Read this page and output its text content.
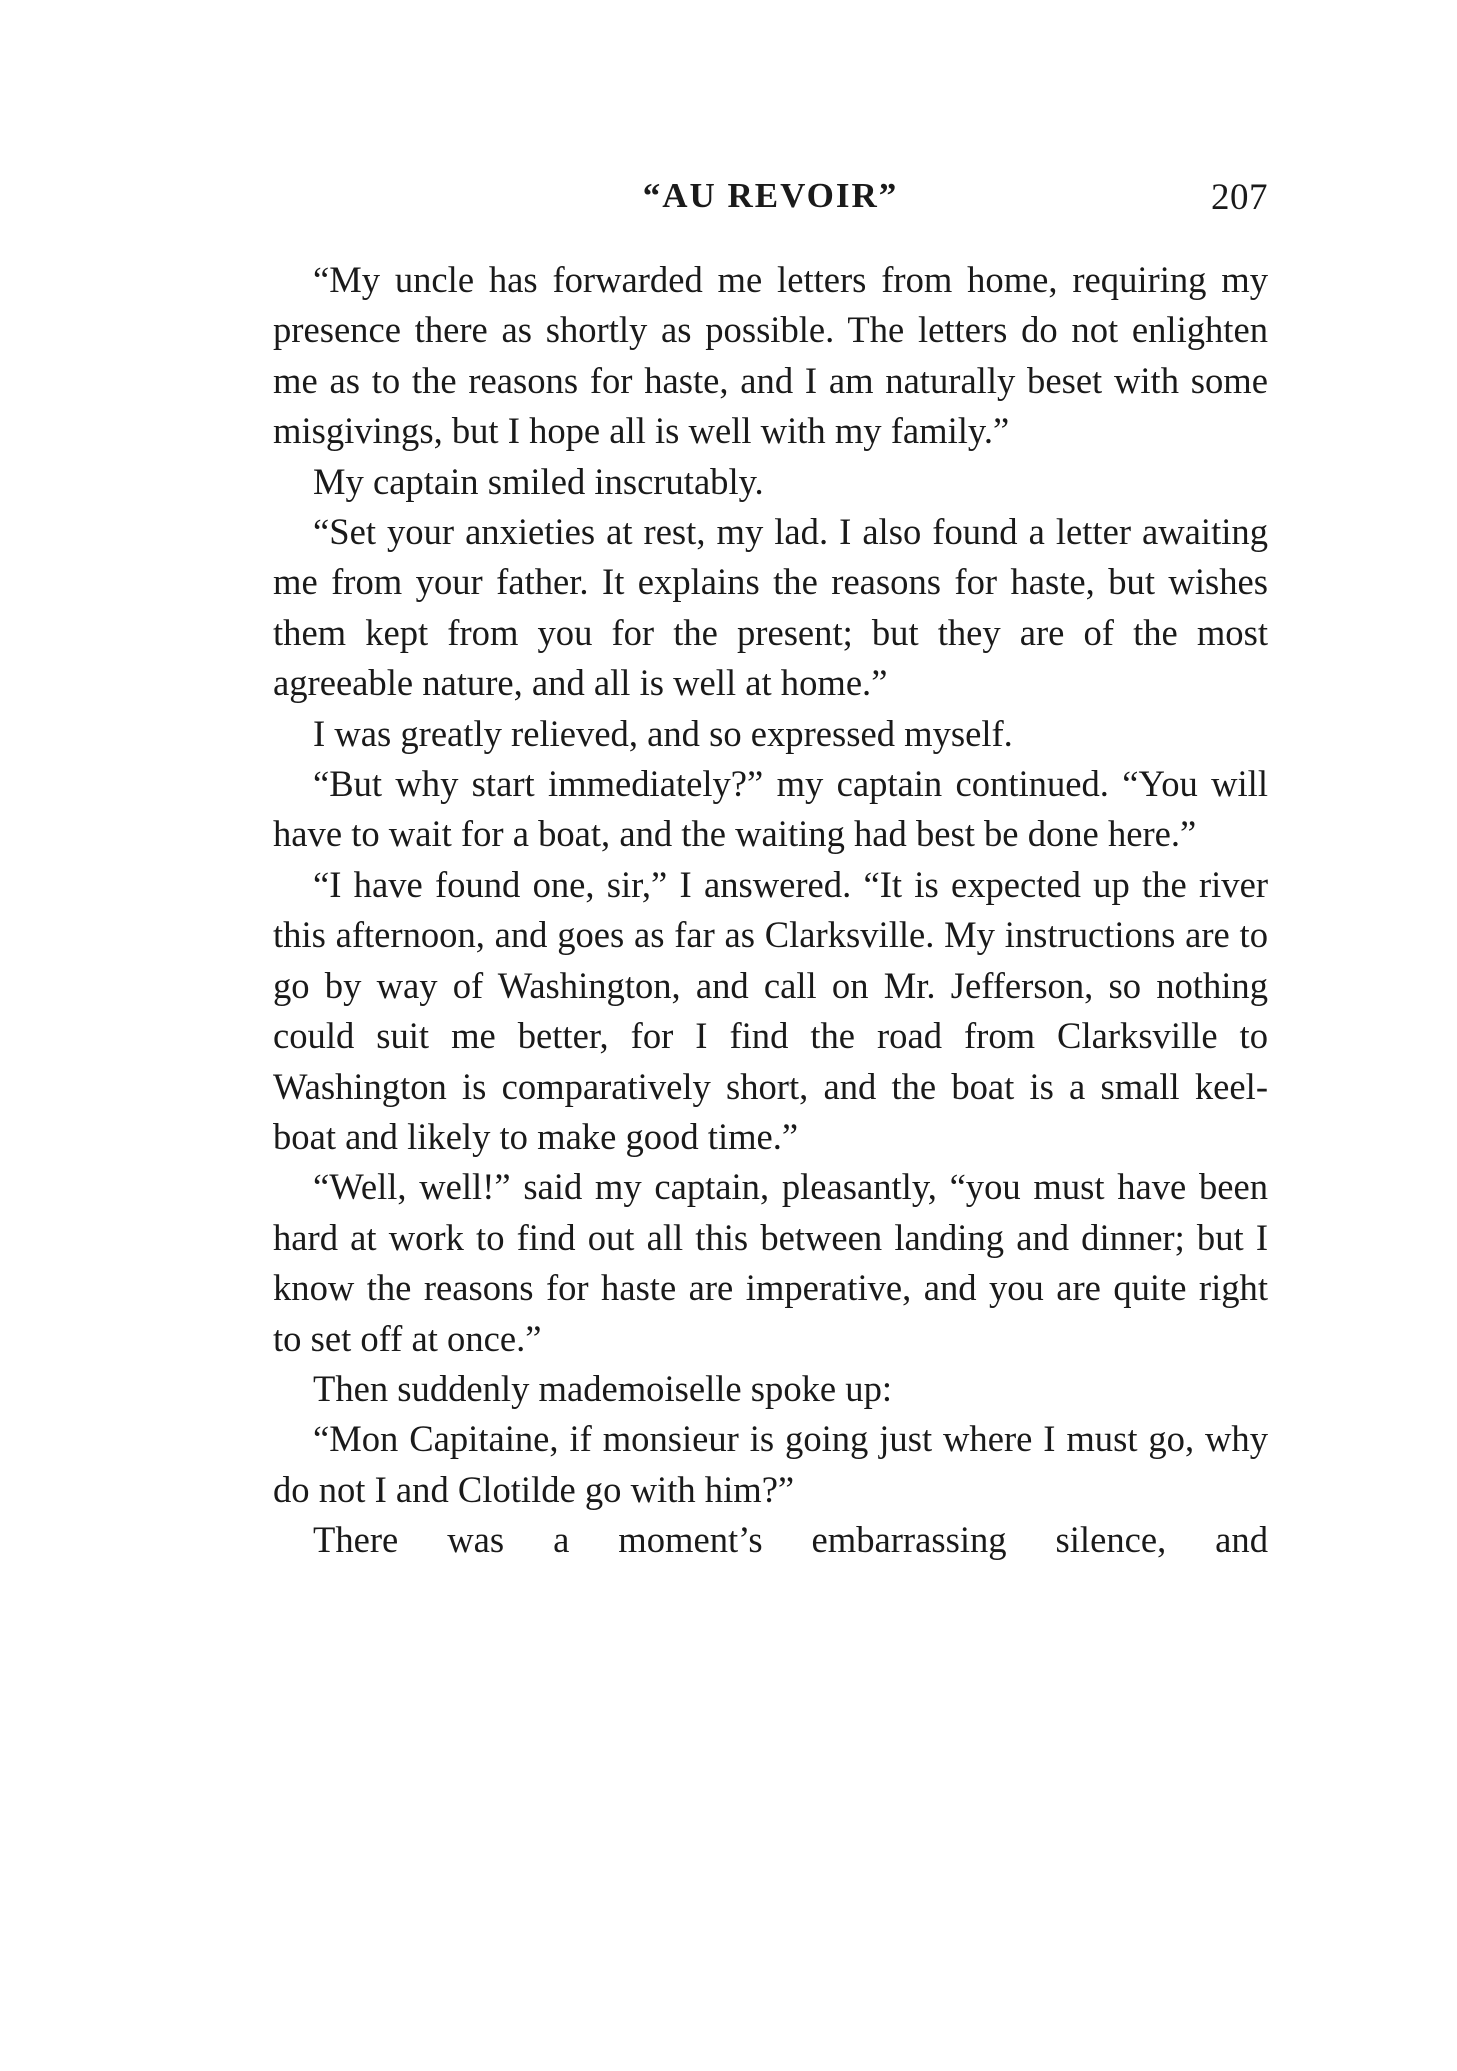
“AU REVOIR”	207

“My uncle has forwarded me letters from home, requiring my presence there as shortly as possible. The letters do not enlighten me as to the reasons for haste, and I am naturally beset with some misgivings, but I hope all is well with my family.”

My captain smiled inscrutably.

“Set your anxieties at rest, my lad. I also found a letter awaiting me from your father. It explains the reasons for haste, but wishes them kept from you for the present; but they are of the most agreeable nature, and all is well at home.”

I was greatly relieved, and so expressed myself.

“But why start immediately?” my captain continued. “You will have to wait for a boat, and the waiting had best be done here.”

“I have found one, sir,” I answered. “It is expected up the river this afternoon, and goes as far as Clarksville. My instructions are to go by way of Washington, and call on Mr. Jefferson, so nothing could suit me better, for I find the road from Clarksville to Washington is comparatively short, and the boat is a small keel-boat and likely to make good time.”

“Well, well!” said my captain, pleasantly, “you must have been hard at work to find out all this between landing and dinner; but I know the reasons for haste are imperative, and you are quite right to set off at once.”

Then suddenly mademoiselle spoke up:

“Mon Capitaine, if monsieur is going just where I must go, why do not I and Clotilde go with him?”

There was a moment’s embarrassing silence, and
